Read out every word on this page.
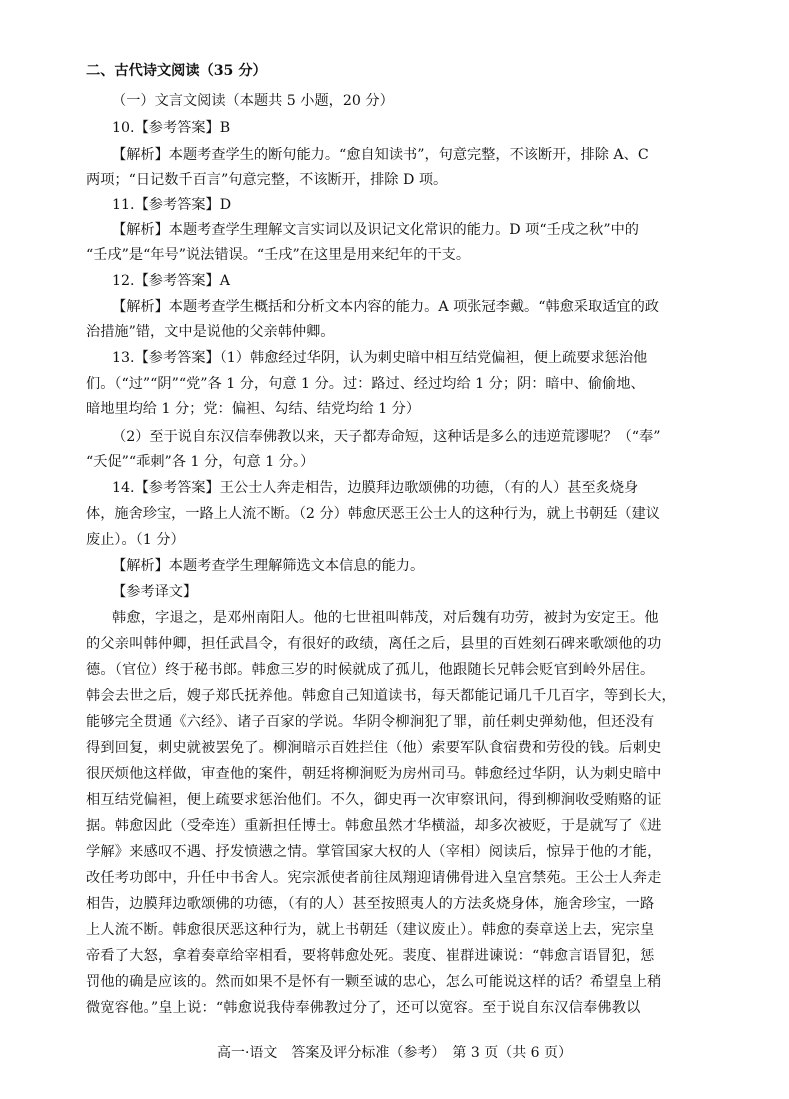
二、古代诗文阅读（35 分）
（一）文言文阅读（本题共 5 小题，20 分）
10.【参考答案】B
【解析】本题考查学生的断句能力。“愈自知读书”，句意完整，不该断开，排除 A、C
两项；“日记数千百言”句意完整，不该断开，排除 D 项。
11.【参考答案】D
【解析】本题考查学生理解文言实词以及识记文化常识的能力。D 项“壬戌之秋”中的
“壬戌”是“年号”说法错误。“壬戌”在这里是用来纪年的干支。
12.【参考答案】A
【解析】本题考查学生概括和分析文本内容的能力。A 项张冠李戴。“韩愈采取适宜的政
治措施”错，文中是说他的父亲韩仲卿。
13.【参考答案】（1）韩愈经过华阴，认为刺史暗中相互结党偏袒，便上疏要求惩治他
们。（“过”“阴”“党”各 1 分，句意 1 分。过：路过、经过均给 1 分；阴：暗中、偷偷地、
暗地里均给 1 分；党：偏袒、勾结、结党均给 1 分）
（2）至于说自东汉信奉佛教以来，天子都寿命短，这种话是多么的违逆荒谬呢？（“奉”
“夭促”“乖刺”各 1 分，句意 1 分。）
14.【参考答案】王公士人奔走相告，边膜拜边歌颂佛的功德，（有的人）甚至炙烧身
体，施舍珍宝，一路上人流不断。（2 分）韩愈厌恶王公士人的这种行为，就上书朝廷（建议
废止）。（1 分）
【解析】本题考查学生理解筛选文本信息的能力。
【参考译文】
韩愈，字退之，是邓州南阳人。他的七世祖叫韩茂，对后魏有功劳，被封为安定王。他
的父亲叫韩仲卿，担任武昌令，有很好的政绩，离任之后，县里的百姓刻石碑来歌颂他的功
德。（官位）终于秘书郎。韩愈三岁的时候就成了孤儿，他跟随长兄韩会贬官到岭外居住。
韩会去世之后，嫂子郑氏抚养他。韩愈自己知道读书，每天都能记诵几千几百字，等到长大，
能够完全贯通《六经》、诸子百家的学说。华阴令柳涧犯了罪，前任刺史弹劾他，但还没有
得到回复，刺史就被罢免了。柳涧暗示百姓拦住（他）索要军队食宿费和劳役的钱。后刺史
很厌烦他这样做，审查他的案件，朝廷将柳涧贬为房州司马。韩愈经过华阴，认为刺史暗中
相互结党偏袒，便上疏要求惩治他们。不久，御史再一次审察讯问，得到柳涧收受贿赂的证
据。韩愈因此（受牵连）重新担任博士。韩愈虽然才华横溢，却多次被贬，于是就写了《进
学解》来感叹不遇、抒发愤懑之情。掌管国家大权的人（宰相）阅读后，惊异于他的才能，
改任考功郎中，升任中书舍人。宪宗派使者前往凤翔迎请佛骨进入皇宫禁苑。王公士人奔走
相告，边膜拜边歌颂佛的功德，（有的人）甚至按照夷人的方法炙烧身体，施舍珍宝，一路
上人流不断。韩愈很厌恶这种行为，就上书朝廷（建议废止）。韩愈的奏章送上去，宪宗皇
帝看了大怒，拿着奏章给宰相看，要将韩愈处死。裴度、崔群进谏说：“韩愈言语冒犯，惩
罚他的确是应该的。然而如果不是怀有一颗至诚的忠心，怎么可能说这样的话？希望皇上稍
微宽容他。”皇上说：“韩愈说我侍奉佛教过分了，还可以宽容。至于说自东汉信奉佛教以
高一·语文　答案及评分标准（参考）　第 3 页（共 6 页）
